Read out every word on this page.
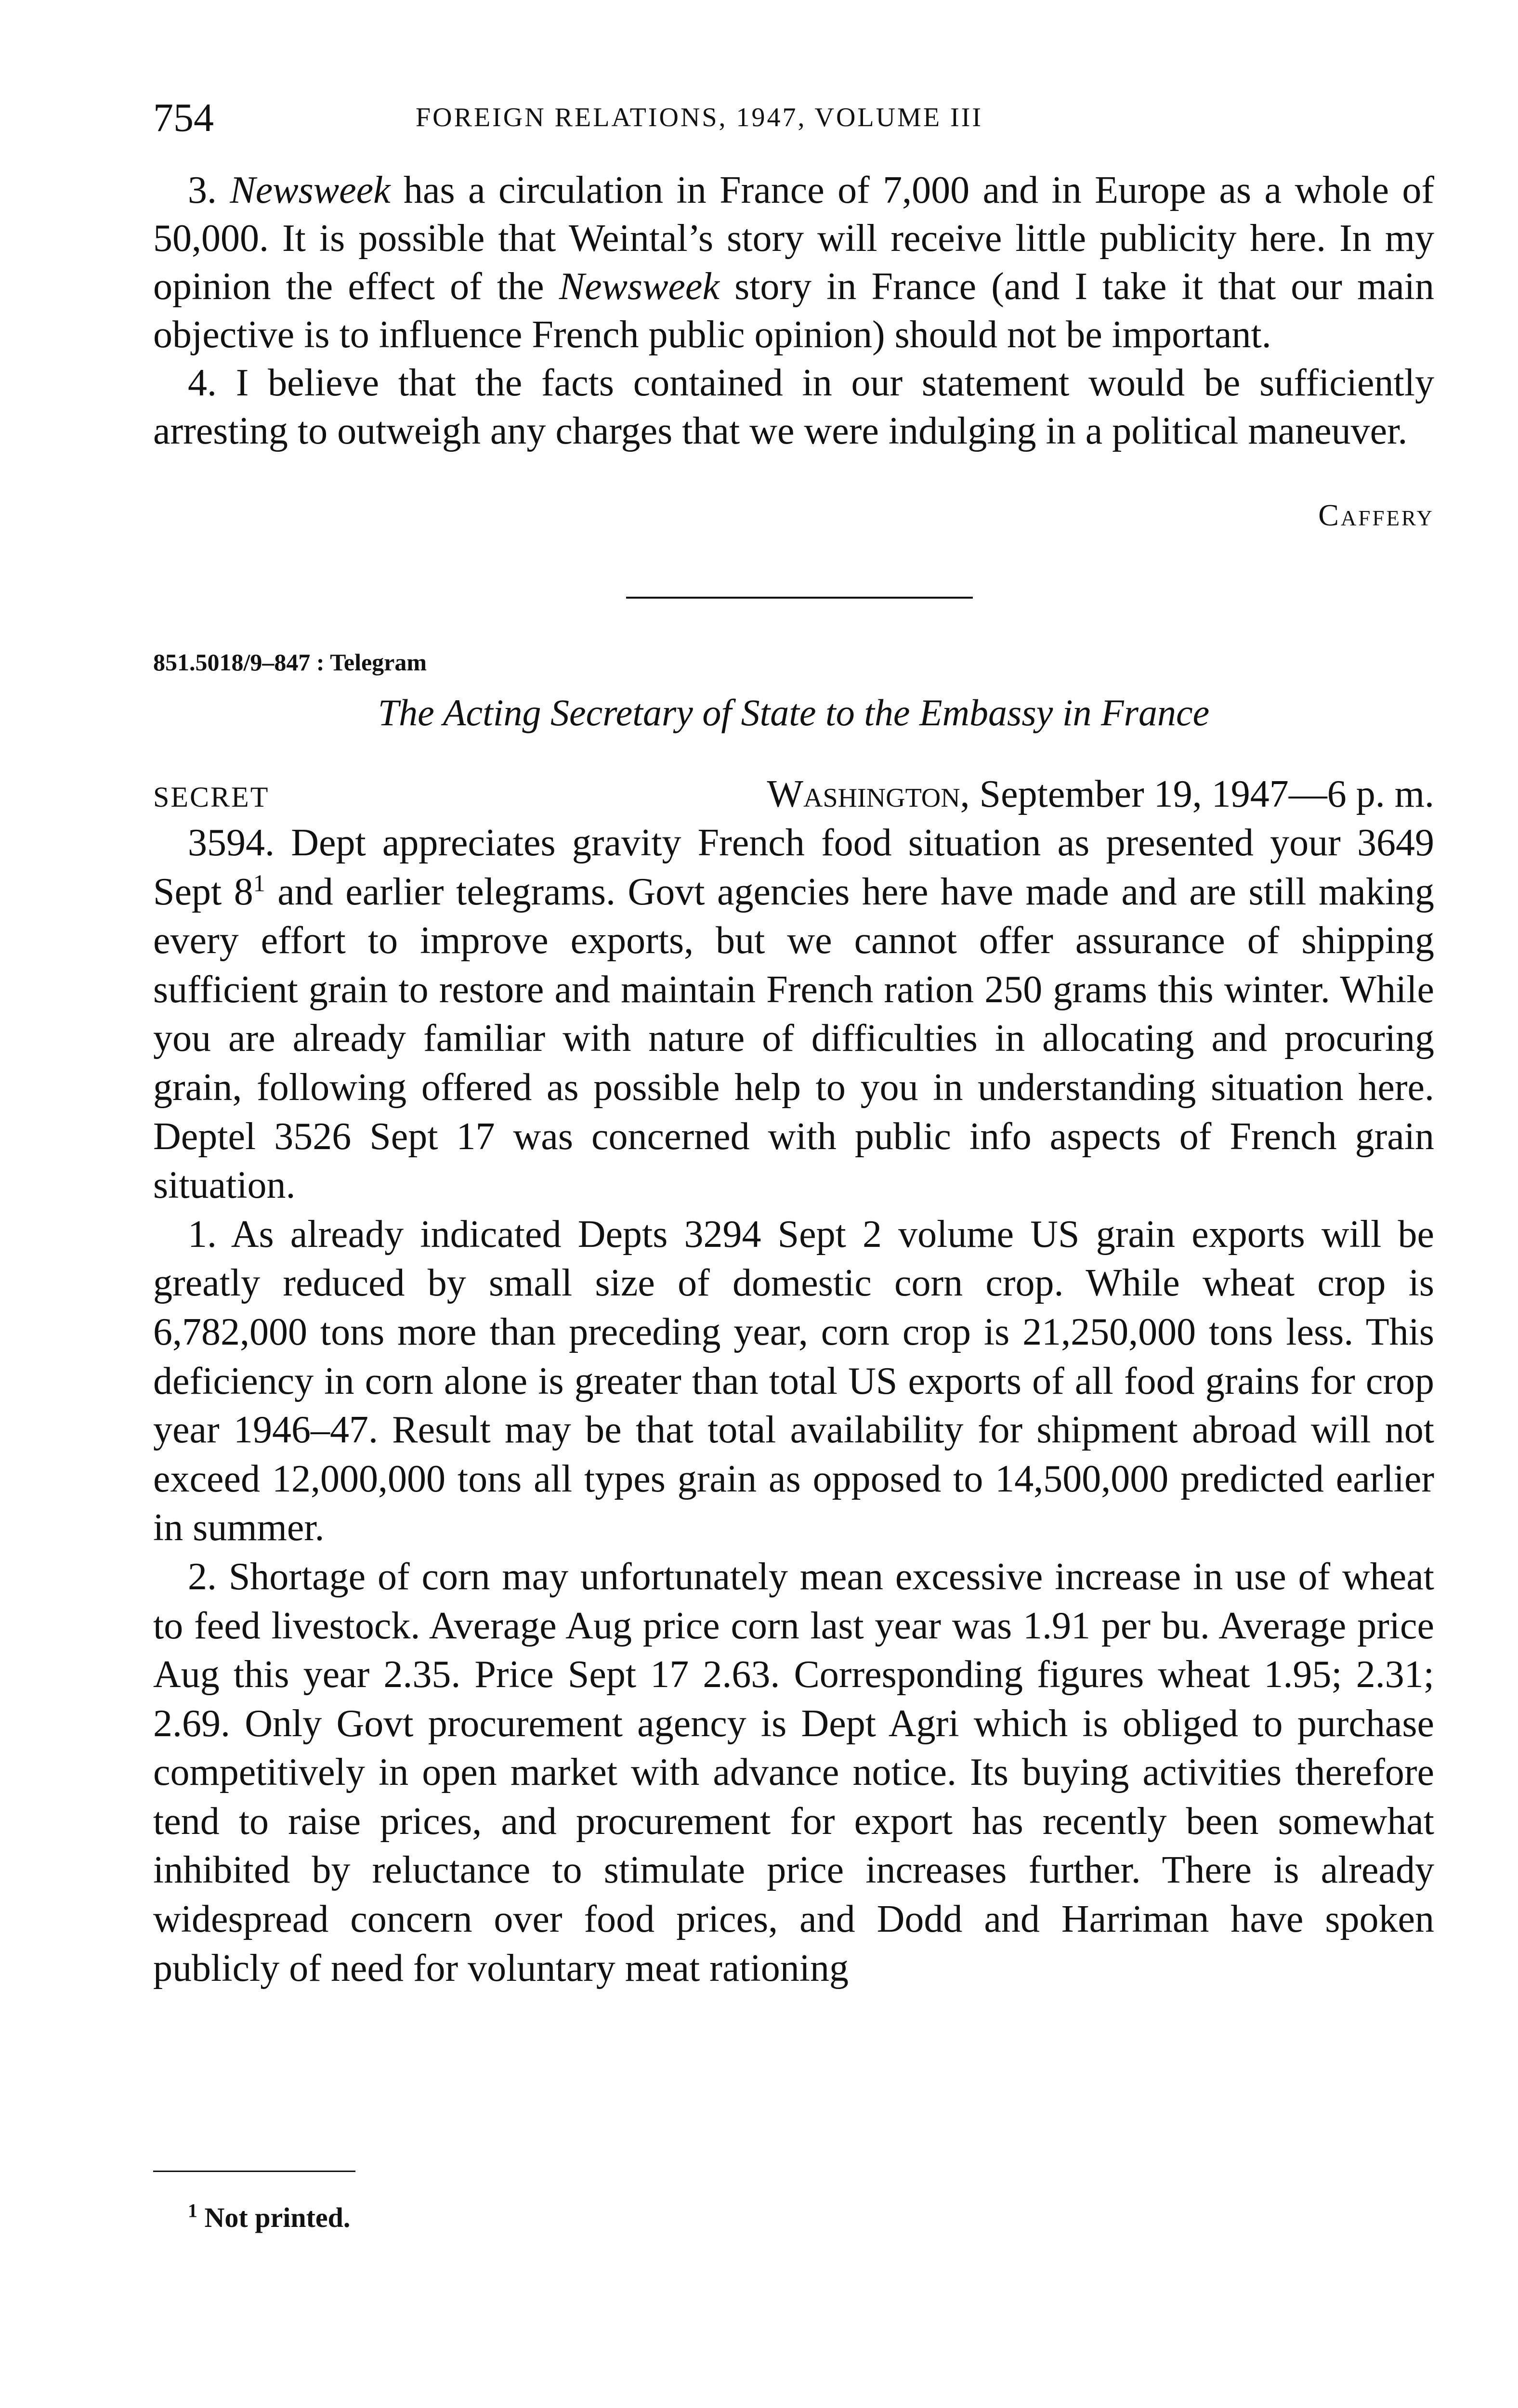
754	FOREIGN RELATIONS, 1947, VOLUME III

3. Newsweek has a circulation in France of 7,000 and in Europe as a whole of 50,000. It is possible that Weintal’s story will receive little publicity here. In my opinion the effect of the Newsweek story in France (and I take it that our main objective is to influence French public opinion) should not be important.

4. I believe that the facts contained in our statement would be sufficiently arresting to outweigh any charges that we were indulging in a political maneuver.

Caffery
851.5018/9–847 : Telegram
The Acting Secretary of State to the Embassy in France
SECRET	Washington, September 19, 1947—6 p. m.

3594. Dept appreciates gravity French food situation as presented your 3649 Sept $8^1$ and earlier telegrams. Govt agencies here have made and are still making every effort to improve exports, but we cannot offer assurance of shipping sufficient grain to restore and maintain French ration 250 grams this winter. While you are already familiar with nature of difficulties in allocating and procuring grain, following offered as possible help to you in understanding situation here. Deptel 3526 Sept 17 was concerned with public info aspects of French grain situation.

1. As already indicated Depts 3294 Sept 2 volume US grain exports will be greatly reduced by small size of domestic corn crop. While wheat crop is 6,782,000 tons more than preceding year, corn crop is 21,250,000 tons less. This deficiency in corn alone is greater than total US exports of all food grains for crop year 1946–47. Result may be that total availability for shipment abroad will not exceed 12,000,000 tons all types grain as opposed to 14,500,000 predicted earlier in summer.

2. Shortage of corn may unfortunately mean excessive increase in use of wheat to feed livestock. Average Aug price corn last year was 1.91 per bu. Average price Aug this year 2.35. Price Sept 17 2.63. Corresponding figures wheat 1.95; 2.31; 2.69. Only Govt procurement agency is Dept Agri which is obliged to purchase competitively in open market with advance notice. Its buying activities therefore tend to raise prices, and procurement for export has recently been somewhat inhibited by reluctance to stimulate price increases further. There is already widespread concern over food prices, and Dodd and Harriman have spoken publicly of need for voluntary meat rationing

$^1$ Not printed.
